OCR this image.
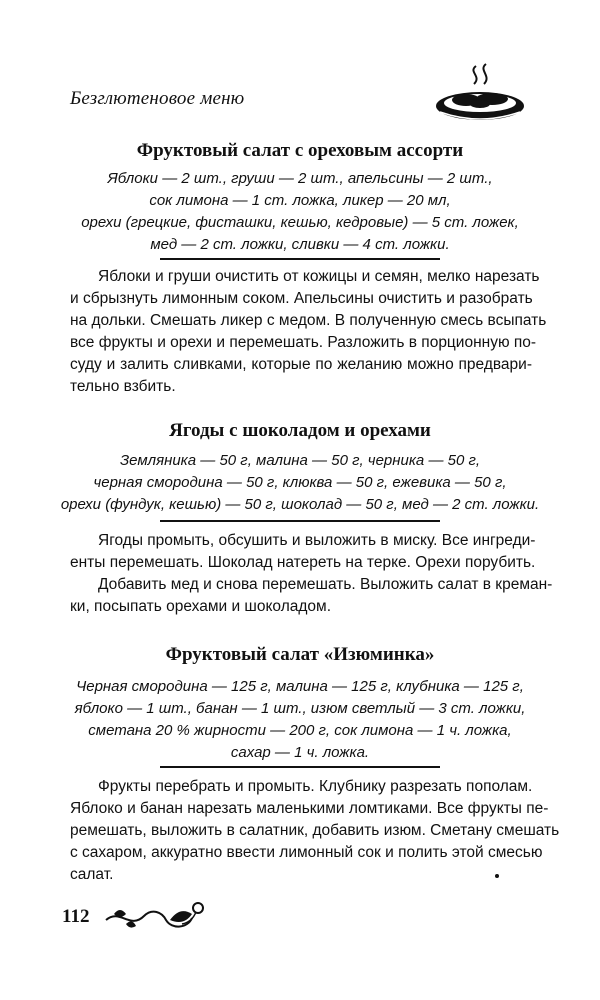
Безглютеновое меню
Фруктовый салат с ореховым ассорти
Яблоки — 2 шт., груши — 2 шт., апельсины — 2 шт.,
сок лимона — 1 ст. ложка, ликер — 20 мл,
орехи (грецкие, фисташки, кешью, кедровые) — 5 ст. ложек,
мед — 2 ст. ложки, сливки — 4 ст. ложки.
Яблоки и груши очистить от кожицы и семян, мелко нарезать
и сбрызнуть лимонным соком. Апельсины очистить и разобрать
на дольки. Смешать ликер с медом. В полученную смесь всыпать
все фрукты и орехи и перемешать. Разложить в порционную по-
суду и залить сливками, которые по желанию можно предвари-
тельно взбить.
Ягоды с шоколадом и орехами
Земляника — 50 г, малина — 50 г, черника — 50 г,
черная смородина — 50 г, клюква — 50 г, ежевика — 50 г,
орехи (фундук, кешью) — 50 г, шоколад — 50 г, мед — 2 ст. ложки.
Ягоды промыть, обсушить и выложить в миску. Все ингреди-
енты перемешать. Шоколад натереть на терке. Орехи порубить.
Добавить мед и снова перемешать. Выложить салат в креман-
ки, посыпать орехами и шоколадом.
Фруктовый салат «Изюминка»
Черная смородина — 125 г, малина — 125 г, клубника — 125 г,
яблоко — 1 шт., банан — 1 шт., изюм светлый — 3 ст. ложки,
сметана 20 % жирности — 200 г, сок лимона — 1 ч. ложка,
сахар — 1 ч. ложка.
Фрукты перебрать и промыть. Клубнику разрезать пополам.
Яблоко и банан нарезать маленькими ломтиками. Все фрукты пе-
ремешать, выложить в салатник, добавить изюм. Сметану смешать
с сахаром, аккуратно ввести лимонный сок и полить этой смесью
салат.
112
